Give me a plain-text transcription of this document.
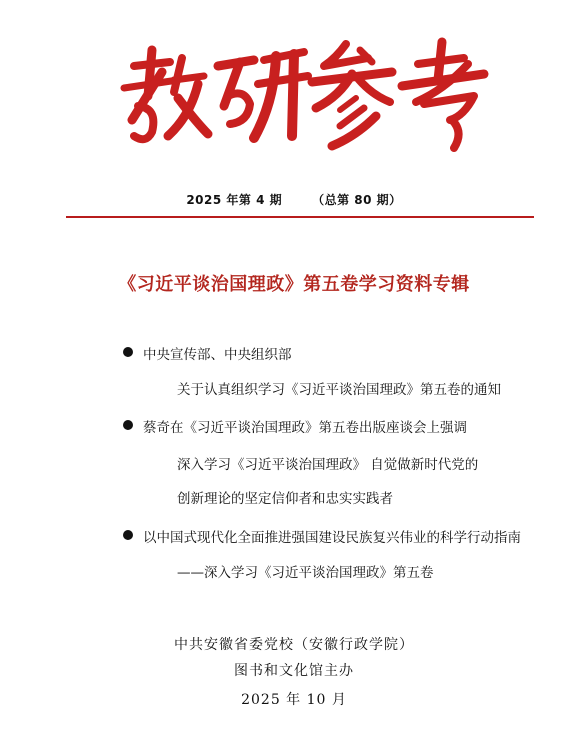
2025 年第 4 期	（总第 80 期）
《习近平谈治国理政》第五卷学习资料专辑
中央宣传部、中央组织部
关于认真组织学习《习近平谈治国理政》第五卷的通知
蔡奇在《习近平谈治国理政》第五卷出版座谈会上强调
深入学习《习近平谈治国理政》 自觉做新时代党的
创新理论的坚定信仰者和忠实实践者
以中国式现代化全面推进强国建设民族复兴伟业的科学行动指南
——深入学习《习近平谈治国理政》第五卷
中共安徽省委党校（安徽行政学院）
图书和文化馆主办
2025 年 10 月
